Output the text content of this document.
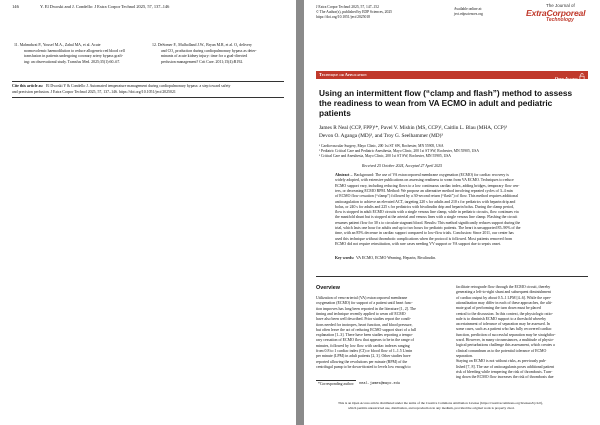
146	Y. El Dwoski and J. Condello: J Extra Corpor Technol 2025, 57, 137–146
11. Mahmdwai P., Yousef M.A., Zahal MA, et al. Acute
normovolemic haemodilution to reduce allogeneic red blood cell
transfusion in patients undergoing coronary artery bypass graft-
ing: an observational study. Transfus Med. 2025;35(1):60–67.
12. DeSomer F., Mulholland J.W., Bryan M.R, et al. O₂ delivery
and CO₂ production during cardiopulmonary bypass as deter-
minants of acute kidney injury: time for a goal-directed
perfusion management? Crit Care. 2011;15(4):R192.
Cite this article as: El Dwoski Y & Condello J. Automated temperature management during cardiopulmonary bypass: a step toward safety
and precision perfusion. J Extra Corpor Technol 2025, 57, 137–146. https://doi.org/10.1051/ject/2025021
J Extra Corpor Technol 2025, 57, 147–152
© The Author(s), published by EDP Sciences, 2025
https://doi.org/10.1051/ject/2025018
Available online at:
ject.edpsciences.org
The Journal of
ExtraCorporeal
Technology
Technique or Application
Open Access
Using an intermittent flow (“clamp and flash”) method to assess
the readiness to wean from VA ECMO in adult and pediatric
patients
James R Neal (CCP, FPP)¹*, Pavel V. Mishin (MS, CCP)², Caitlin L. Blau (MHA, CCP)³
Devon O. Aganga (MD)³, and Troy G. Seelhammer (MD)³
¹ Cardiovascular Surgery, Mayo Clinic, 200 1st ST SW, Rochester, MN 55905, USA
² Pediatric Critical Care and Pediatric Anesthesia, Mayo Clinic, 200 1st ST SW, Rochester, MN 55905, USA
³ Critical Care and Anesthesia, Mayo Clinic, 200 1st ST SW, Rochester, MN 55905, USA
Received 25 October 2024, Accepted 27 April 2025
Abstract – Background: The use of VA extracorporeal membrane oxygenation (ECMO) for cardiac recovery is
widely adopted, with extensive publications on assessing readiness to wean from VA ECMO. Techniques to reduce
ECMO support vary, including reducing flows to a low continuous cardiac index, adding bridges, temporary flow cen-
ters, or decreasing ECMO RPM. Method: We propose an alternative method involving repeated cycles of 3–4 min
of ECMO flow cessation (“clamp”) followed by a 30-second return (“flash”) of flow. This method requires additional
anticoagulation to achieve an elevated ACT, targeting 220 s for adults and 210 s for pediatrics with heparin drip and
bolus, or 240 s for adults and 225 s for pediatrics with bivalirudin drip and heparin bolus. During the clamp period,
flow is stopped in adult ECMO circuits with a single venous line clamp, while in pediatric circuits, flow continues via
the manifold shunt but is stopped at the arterial and venous lines with a single venous line clamp. Flashing the circuit
resumes patient flow for 30 s to circulate stagnant blood. Results: This method significantly reduces support during the
trial, which lasts one hour for adults and up to two hours for pediatric patients. The heart is unsupported 85–90% of the
time, with an 85% decrease in cardiac support compared to low-flow trials. Conclusion: Since 2011, our center has
used this technique without thrombotic complications when the protocol is followed. Most patients removed from
ECMO did not require reinstitution, with rare cases needing VV support or VA support due to sepsis onset.
Key words: VA ECMO, ECMO Weaning, Heparin, Bivalirudin.
Overview
Utilization of veno-arterial (VA) extracorporeal membrane
oxygenation (ECMO) for support of a patient until heart func-
tion improves has long been reported in the literature [1, 2]. The
timing and technique recently applied to wean off ECMO
have also been well described. Prior studies report the condi-
tions needed for inotropes, heart function, and blood pressure,
but often leave the act of reducing ECMO support short of a full
explanation [1–3]. There have been studies reporting a tempo-
rary cessation of ECMO flow that appears to be in the range of
minutes, followed by low flow with cardiac indexes ranging
from 0.8 to 1 cardiac index (CI) or blood flow of 1–1.5 L/min
per minute (LPM) in adult patients [2, 3]. Other studies have
reported allowing the revolutions per minute (RPM) of the
centrifugal pump to be down-titrated to levels low enough to
*Corresponding author: neal.james@mayo.edu
facilitate retrograde flow through the ECMO circuit, thereby
generating a left-to-right shunt and subsequent diminishment
of cardiac output by about 0.5–1 LPM [4–6]. While the oper-
ationalization may differ in each of these approaches, the ulti-
mate goal of performing the turn down must be placed
central to the discussion. In this context, the physiologic ratio-
nale is to diminish ECMO support to a threshold whereby
ascertainment of tolerance of separation may be assessed. In
some cases, such as a patient who has fully recovered cardiac
function, prediction of successful separation may be straightfor-
ward. However, in many circumstances, a multitude of physio-
logical perturbations challenge this assessment, which creates a
clinical conundrum as to the potential tolerance of ECMO
separation.
Staying on ECMO is not without risks, as previously pub-
lished [7, 8]. The use of anticoagulants poses additional patient
risk of bleeding while tempering the risk of thrombosis. Turn-
ing down the ECMO flow increases the risk of thrombosis due
This is an Open Access article distributed under the terms of the Creative Commons Attribution License (https://creativecommons.org/licenses/by/4.0),
which permits unrestricted use, distribution, and reproduction in any medium, provided the original work is properly cited.
